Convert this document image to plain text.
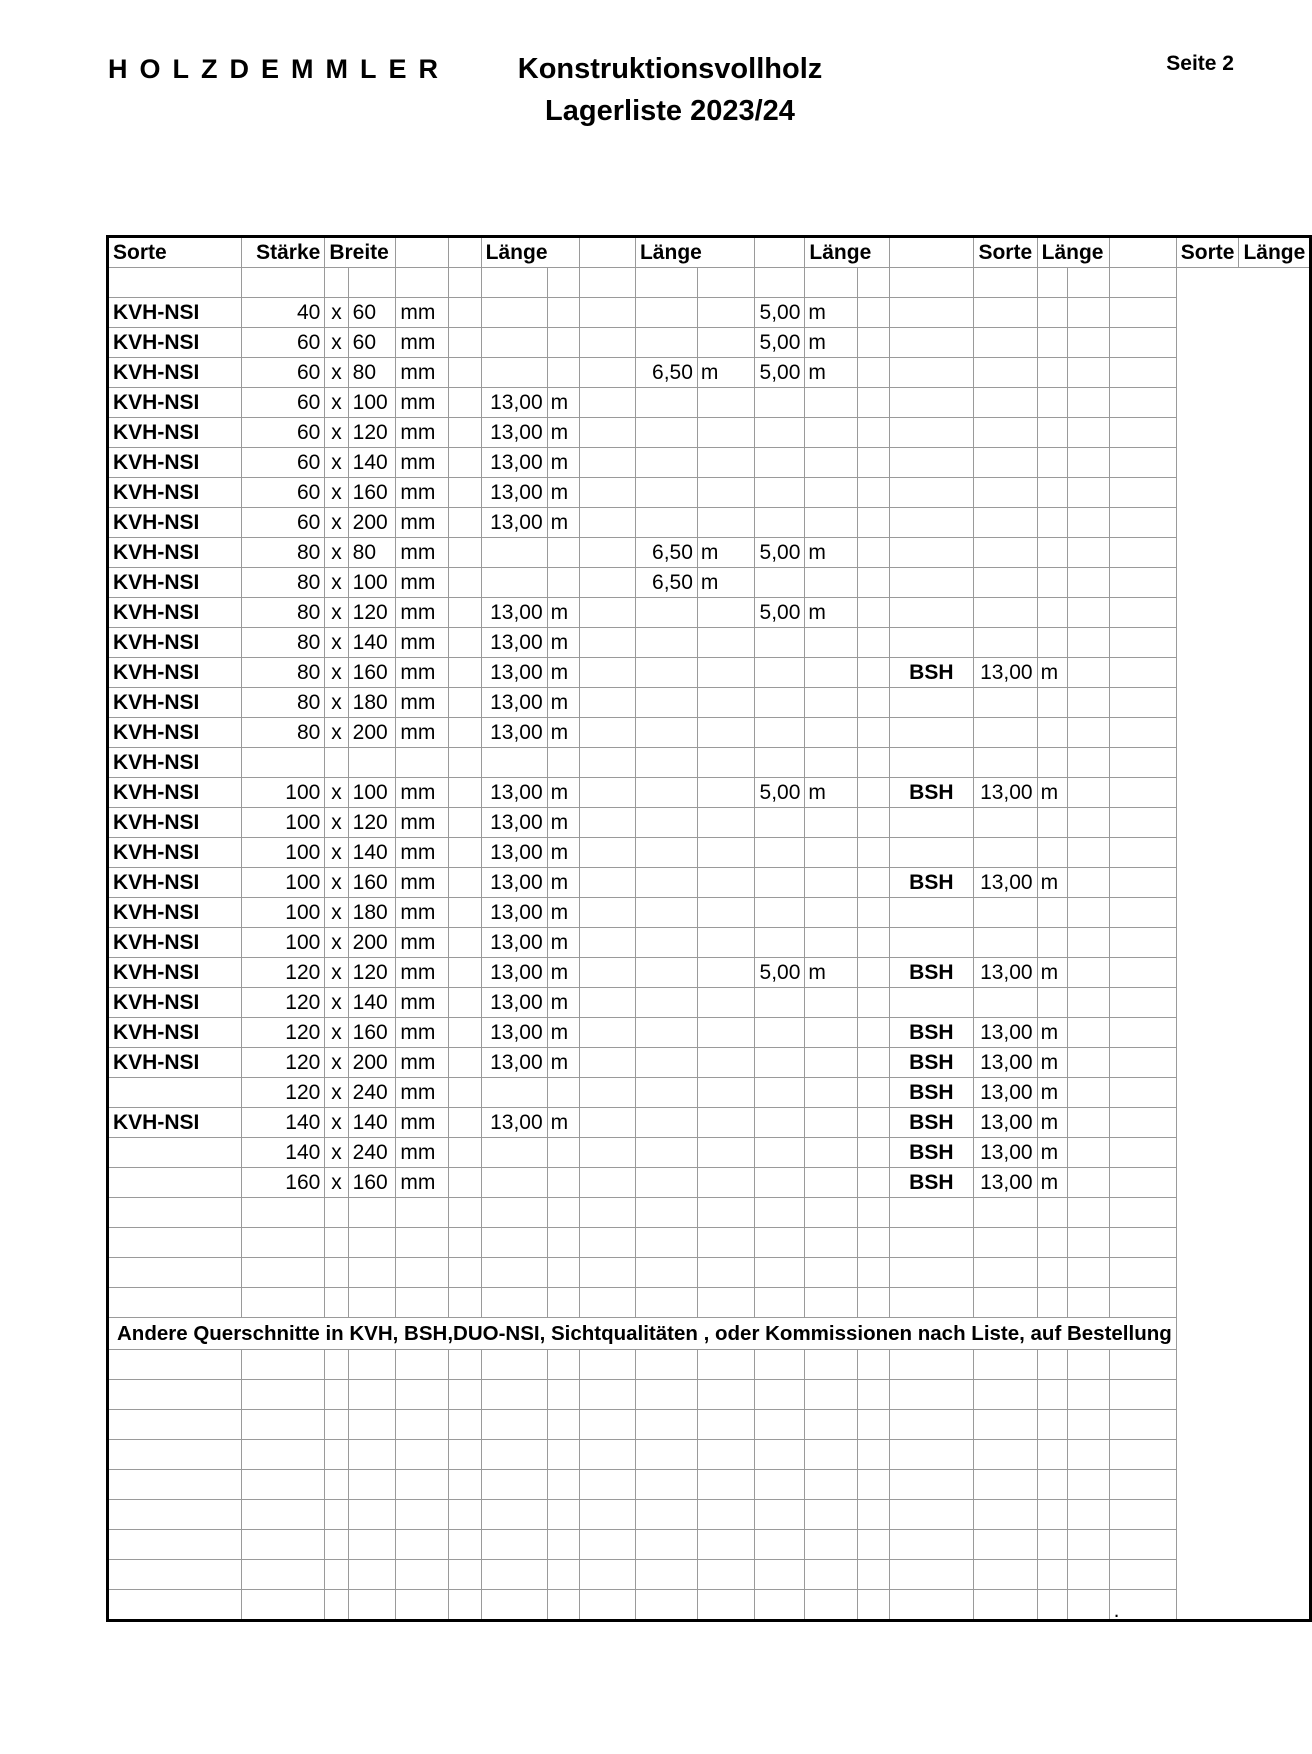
HOLZDEMMLER	Konstruktionsvollholz
Lagerliste 2023/24
Seite 2
Sorte	Stärke	Breite				Länge			Länge			Länge			Sorte	Länge			Sorte	Länge

KVH-NSI	40	x	60	mm							5,00	m								
KVH-NSI	60	x	60	mm							5,00	m								
KVH-NSI	60	x	80	mm					6,50	m	5,00	m								
KVH-NSI	60	x	100	mm		13,00	m													
KVH-NSI	60	x	120	mm		13,00	m													
KVH-NSI	60	x	140	mm		13,00	m													
KVH-NSI	60	x	160	mm		13,00	m													
KVH-NSI	60	x	200	mm		13,00	m													
KVH-NSI	80	x	80	mm					6,50	m	5,00	m								
KVH-NSI	80	x	100	mm					6,50	m										
KVH-NSI	80	x	120	mm		13,00	m				5,00	m								
KVH-NSI	80	x	140	mm		13,00	m													
KVH-NSI	80	x	160	mm		13,00	m							BSH	13,00	m				
KVH-NSI	80	x	180	mm		13,00	m													
KVH-NSI	80	x	200	mm		13,00	m													
KVH-NSI																				
KVH-NSI	100	x	100	mm		13,00	m				5,00	m		BSH	13,00	m				
KVH-NSI	100	x	120	mm		13,00	m													
KVH-NSI	100	x	140	mm		13,00	m													
KVH-NSI	100	x	160	mm		13,00	m							BSH	13,00	m				
KVH-NSI	100	x	180	mm		13,00	m													
KVH-NSI	100	x	200	mm		13,00	m													
KVH-NSI	120	x	120	mm		13,00	m				5,00	m		BSH	13,00	m				
KVH-NSI	120	x	140	mm		13,00	m													
KVH-NSI	120	x	160	mm		13,00	m							BSH	13,00	m				
KVH-NSI	120	x	200	mm		13,00	m							BSH	13,00	m				
	120	x	240	mm										BSH	13,00	m				
KVH-NSI	140	x	140	mm		13,00	m							BSH	13,00	m				
	140	x	240	mm										BSH	13,00	m				
	160	x	160	mm										BSH	13,00	m				

Andere Querschnitte in KVH, BSH,DUO-NSI, Sichtqualitäten , oder Kommissionen nach Liste, auf Bestellung																				

																		.		
